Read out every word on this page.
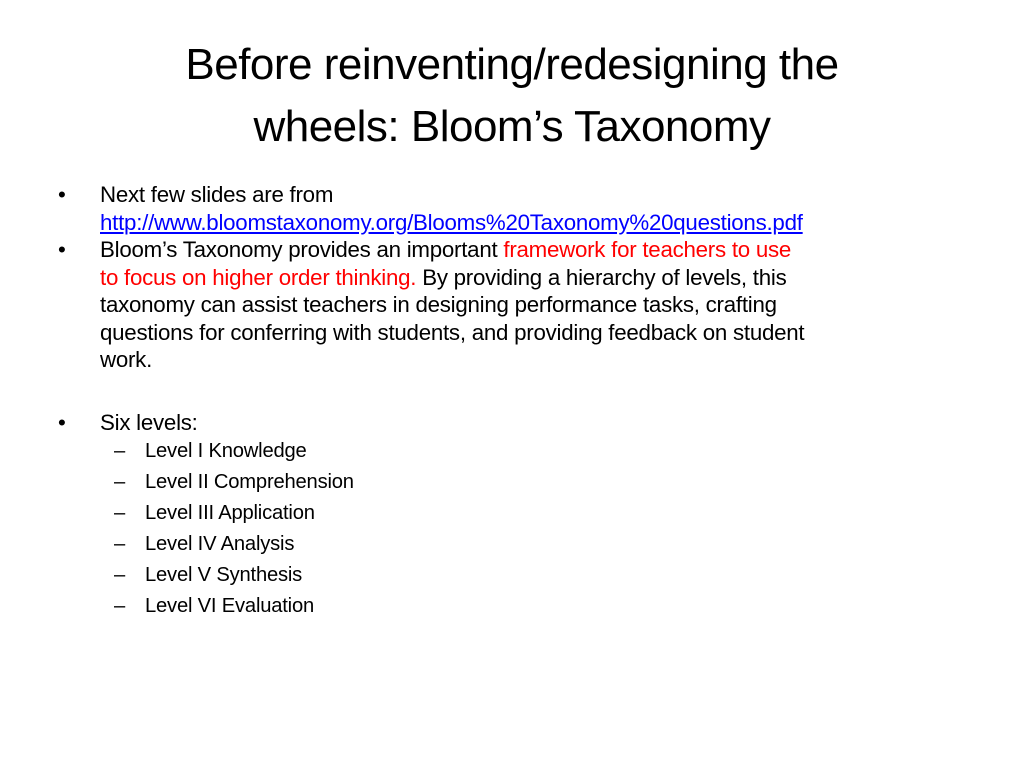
Before reinventing/redesigning the
wheels: Bloom’s Taxonomy
•	Next few slides are from
http://www.bloomstaxonomy.org/Blooms%20Taxonomy%20questions.pdf
•	Bloom’s Taxonomy provides an important framework for teachers to use
to focus on higher order thinking. By providing a hierarchy of levels, this
taxonomy can assist teachers in designing performance tasks, crafting
questions for conferring with students, and providing feedback on student
work.
•	Six levels:
– Level I Knowledge
– Level II Comprehension
– Level III Application
– Level IV Analysis
– Level V Synthesis
– Level VI Evaluation
